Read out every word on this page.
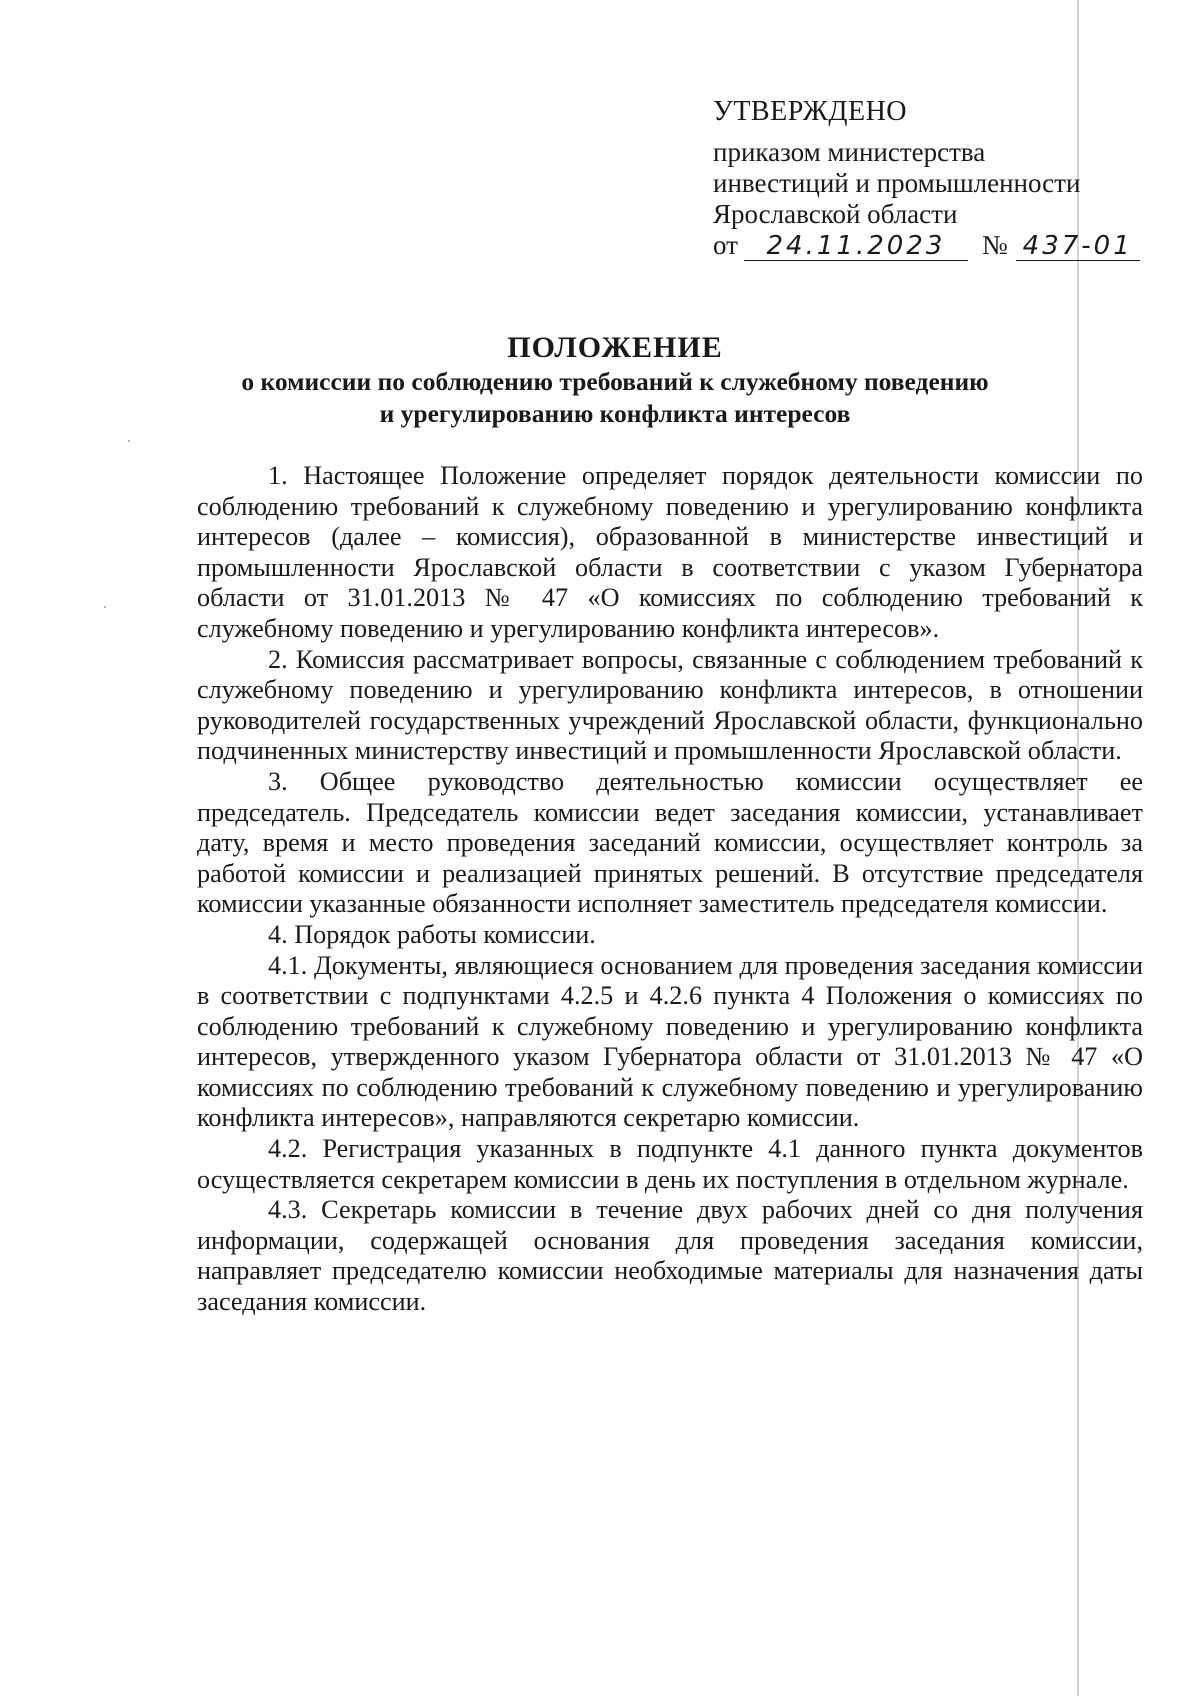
УТВЕРЖДЕНО
приказом министерства
инвестиций и промышленности
Ярославской области
от	24.11.2023	№ 437-01
ПОЛОЖЕНИЕ
о комиссии по соблюдению требований к служебному поведению
и урегулированию конфликта интересов

1. Настоящее Положение определяет порядок деятельности комиссии по соблюдению требований к служебному поведению и урегулированию конфликта интересов (далее – комиссия), образованной в министерстве инвестиций и промышленности Ярославской области в соответствии с указом Губернатора области от 31.01.2013 № 47 «О комиссиях по соблюдению требований к служебному поведению и урегулированию конфликта интересов».

2. Комиссия рассматривает вопросы, связанные с соблюдением требований к служебному поведению и урегулированию конфликта интересов, в отношении руководителей государственных учреждений Ярославской области, функционально подчиненных министерству инвестиций и промышленности Ярославской области.

3. Общее руководство деятельностью комиссии осуществляет ее председатель. Председатель комиссии ведет заседания комиссии, устанавливает дату, время и место проведения заседаний комиссии, осуществляет контроль за работой комиссии и реализацией принятых решений. В отсутствие председателя комиссии указанные обязанности исполняет заместитель председателя комиссии.

4. Порядок работы комиссии.

4.1. Документы, являющиеся основанием для проведения заседания комиссии в соответствии с подпунктами 4.2.5 и 4.2.6 пункта 4 Положения о комиссиях по соблюдению требований к служебному поведению и урегулированию конфликта интересов, утвержденного указом Губернатора области от 31.01.2013 № 47 «О комиссиях по соблюдению требований к служебному поведению и урегулированию конфликта интересов», направляются секретарю комиссии.

4.2. Регистрация указанных в подпункте 4.1 данного пункта документов осуществляется секретарем комиссии в день их поступления в отдельном журнале.

4.3. Секретарь комиссии в течение двух рабочих дней со дня получения информации, содержащей основания для проведения заседания комиссии, направляет председателю комиссии необходимые материалы для назначения даты заседания комиссии.
